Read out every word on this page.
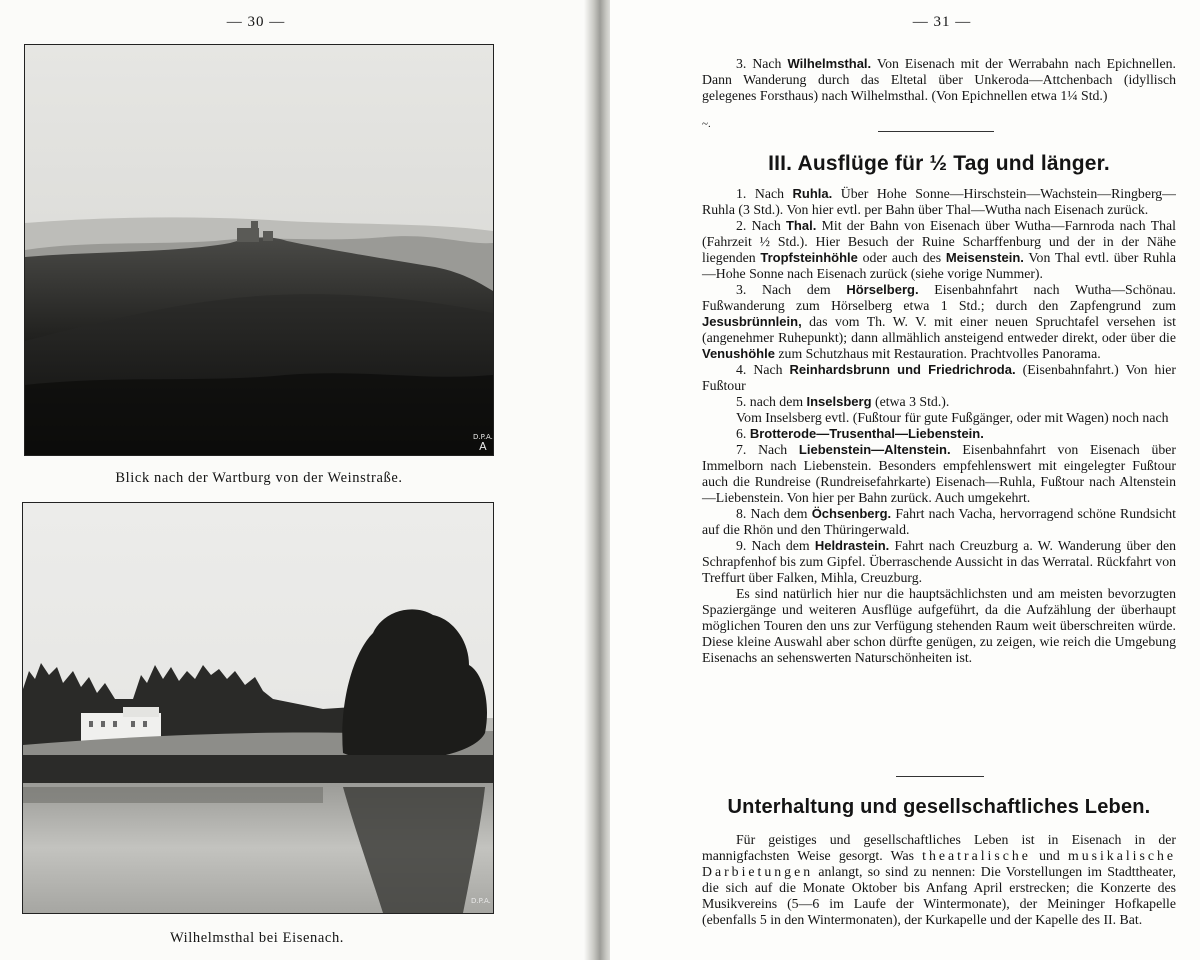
— 30 —
D.P.A.
A
Blick nach der Wartburg von der Weinstraße.
D.P.A.
Wilhelmsthal bei Eisenach.
— 31 —

3. Nach Wilhelmsthal. Von Eisenach mit der Werrabahn nach Epichnellen. Dann Wanderung durch das Eltetal über Unkeroda—Attchenbach (idyllisch gelegenes Forsthaus) nach Wilhelmsthal. (Von Epichnellen etwa 1¼ Std.)

~.
III. Ausflüge für ½ Tag und länger.

1. Nach Ruhla. Über Hohe Sonne—Hirschstein—Wachstein—Ringberg—Ruhla (3 Std.). Von hier evtl. per Bahn über Thal—Wutha nach Eisenach zurück.

2. Nach Thal. Mit der Bahn von Eisenach über Wutha—Farnroda nach Thal (Fahrzeit ½ Std.). Hier Besuch der Ruine Scharffenburg und der in der Nähe liegenden Tropfsteinhöhle oder auch des Meisenstein. Von Thal evtl. über Ruhla—Hohe Sonne nach Eisenach zurück (siehe vorige Nummer).

3. Nach dem Hörselberg. Eisenbahnfahrt nach Wutha—Schönau. Fußwanderung zum Hörselberg etwa 1 Std.; durch den Zapfengrund zum Jesusbrünnlein, das vom Th. W. V. mit einer neuen Spruchtafel versehen ist (angenehmer Ruhepunkt); dann allmählich ansteigend entweder direkt, oder über die Venushöhle zum Schutzhaus mit Restauration. Prachtvolles Panorama.

4. Nach Reinhardsbrunn und Friedrichroda. (Eisenbahnfahrt.) Von hier Fußtour

5. nach dem Inselsberg (etwa 3 Std.).

Vom Inselsberg evtl. (Fußtour für gute Fußgänger, oder mit Wagen) noch nach

6. Brotterode—Trusenthal—Liebenstein.

7. Nach Liebenstein—Altenstein. Eisenbahnfahrt von Eisenach über Immelborn nach Liebenstein. Besonders empfehlenswert mit eingelegter Fußtour auch die Rundreise (Rundreisefahrkarte) Eisenach—Ruhla, Fußtour nach Altenstein—Liebenstein. Von hier per Bahn zurück. Auch umgekehrt.

8. Nach dem Öchsenberg. Fahrt nach Vacha, hervorragend schöne Rundsicht auf die Rhön und den Thüringerwald.

9. Nach dem Heldrastein. Fahrt nach Creuzburg a. W. Wanderung über den Schrapfenhof bis zum Gipfel. Überraschende Aussicht in das Werratal. Rückfahrt von Treffurt über Falken, Mihla, Creuzburg.

Es sind natürlich hier nur die hauptsächlichsten und am meisten bevorzugten Spaziergänge und weiteren Ausflüge aufgeführt, da die Aufzählung der überhaupt möglichen Touren den uns zur Verfügung stehenden Raum weit überschreiten würde. Diese kleine Auswahl aber schon dürfte genügen, zu zeigen, wie reich die Umgebung Eisenachs an sehenswerten Naturschönheiten ist.

Unterhaltung und gesellschaftliches Leben.

Für geistiges und gesellschaftliches Leben ist in Eisenach in der mannigfachsten Weise gesorgt. Was theatralische und musikalische Darbietungen anlangt, so sind zu nennen: Die Vorstellungen im Stadttheater, die sich auf die Monate Oktober bis Anfang April erstrecken; die Konzerte des Musikvereins (5—6 im Laufe der Wintermonate), der Meininger Hofkapelle (ebenfalls 5 in den Wintermonaten), der Kurkapelle und der Kapelle des II. Bat.
